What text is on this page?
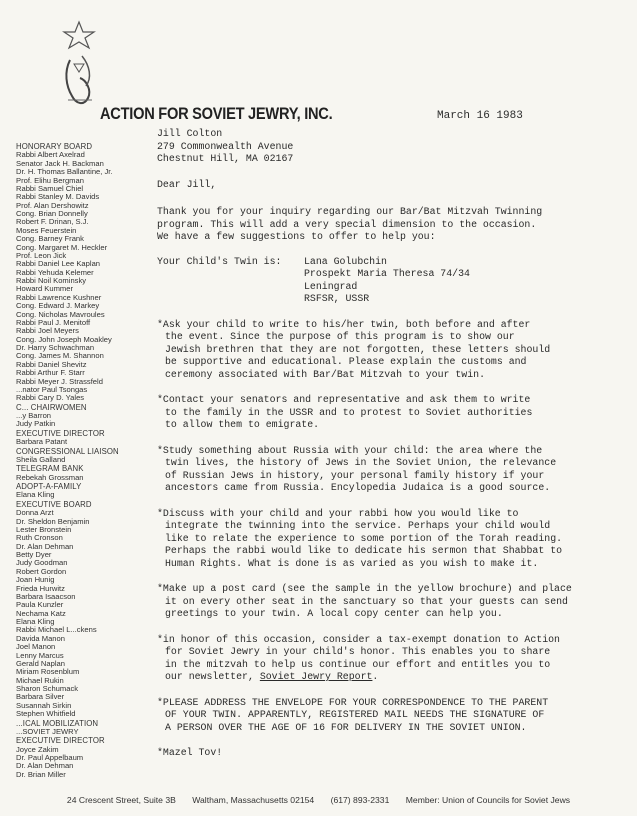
ACTION FOR SOVIET JEWRY, INC.	March 16 1983
HONORARY BOARD
Rabbi Albert Axelrad
Senator Jack H. Backman
Dr. H. Thomas Ballantine, Jr.
Prof. Elihu Bergman
Rabbi Samuel Chiel
Rabbi Stanley M. Davids
Prof. Alan Dershowitz
Cong. Brian Donnelly
Robert F. Drinan, S.J.
Moses Feuerstein
Cong. Barney Frank
Cong. Margaret M. Heckler
Prof. Leon Jick
Rabbi Daniel Lee Kaplan
Rabbi Yehuda Kelemer
Rabbi Noil Kominsky
Howard Kummer
Rabbi Lawrence Kushner
Cong. Edward J. Markey
Cong. Nicholas Mavroules
Rabbi Paul J. Menitoff
Rabbi Joel Meyers
Cong. John Joseph Moakley
Dr. Harry Schwachman
Cong. James M. Shannon
Rabbi Daniel Shevitz
Rabbi Arthur F. Starr
Rabbi Meyer J. Strassfeld
...nator Paul Tsongas
Rabbi Cary D. Yales
C... CHAIRWOMEN
...y Barron
Judy Patkin
EXECUTIVE DIRECTOR
Barbara Patant
CONGRESSIONAL LIAISON
Sheila Galland
TELEGRAM BANK
Rebekah Grossman
ADOPT-A-FAMILY
Elana Kling
EXECUTIVE BOARD
Donna Arzt
Dr. Sheldon Benjamin
Lester Bronstein
Ruth Cronson
Dr. Alan Dehman
Betty Dyer
Judy Goodman
Robert Gordon
Joan Hunig
Frieda Hurwitz
Barbara Isaacson
Paula Kunzler
Nechama Katz
Elana Kling
Rabbi Michael L...ckens
Davida Manon
Joel Manon
Lenny Marcus
Gerald Naplan
Miriam Rosenblum
Michael Rukin
Sharon Schumack
Barbara Silver
Susannah Sirkin
Stephen Whitfield
...ICAL MOBILIZATION
...SOVIET JEWRY
EXECUTIVE DIRECTOR
Joyce Zakim
Dr. Paul Appelbaum
Dr. Alan Dehman
Dr. Brian Miller
Jill Colton
279 Commonwealth Avenue
Chestnut Hill, MA 02167
Dear Jill,

Thank you for your inquiry regarding our Bar/Bat Mitzvah Twinning

program. This will add a very special dimension to the occasion.

We have a few suggestions to offer to help you:

Your Child's Twin is:	Lana Golubchin
Prospekt Maria Theresa 74/34
Leningrad
RSFSR, USSR

*Ask your child to write to his/her twin, both before and after

the event. Since the purpose of this program is to show our

Jewish brethren that they are not forgotten, these letters should

be supportive and educational. Please explain the customs and

ceremony associated with Bar/Bat Mitzvah to your twin.

*Contact your senators and representative and ask them to write

to the family in the USSR and to protest to Soviet authorities

to allow them to emigrate.

*Study something about Russia with your child: the area where the

twin lives, the history of Jews in the Soviet Union, the relevance

of Russian Jews in history, your personal family history if your

ancestors came from Russia. Encylopedia Judaica is a good source.

*Discuss with your child and your rabbi how you would like to

integrate the twinning into the service. Perhaps your child would

like to relate the experience to some portion of the Torah reading.

Perhaps the rabbi would like to dedicate his sermon that Shabbat to

Human Rights. What is done is as varied as you wish to make it.

*Make up a post card (see the sample in the yellow brochure) and place

it on every other seat in the sanctuary so that your guests can send

greetings to your twin. A local copy center can help you.

*in honor of this occasion, consider a tax-exempt donation to Action

for Soviet Jewry in your child's honor. This enables you to share

in the mitzvah to help us continue our effort and entitles you to

our newsletter, Soviet Jewry Report.

*PLEASE ADDRESS THE ENVELOPE FOR YOUR CORRESPONDENCE TO THE PARENT

OF YOUR TWIN. APPARENTLY, REGISTERED MAIL NEEDS THE SIGNATURE OF

A PERSON OVER THE AGE OF 16 FOR DELIVERY IN THE SOVIET UNION.

*Mazel Tov!
24 Crescent Street, Suite 3B Waltham, Massachusetts 02154 (617) 893-2331 Member: Union of Councils for Soviet Jews
